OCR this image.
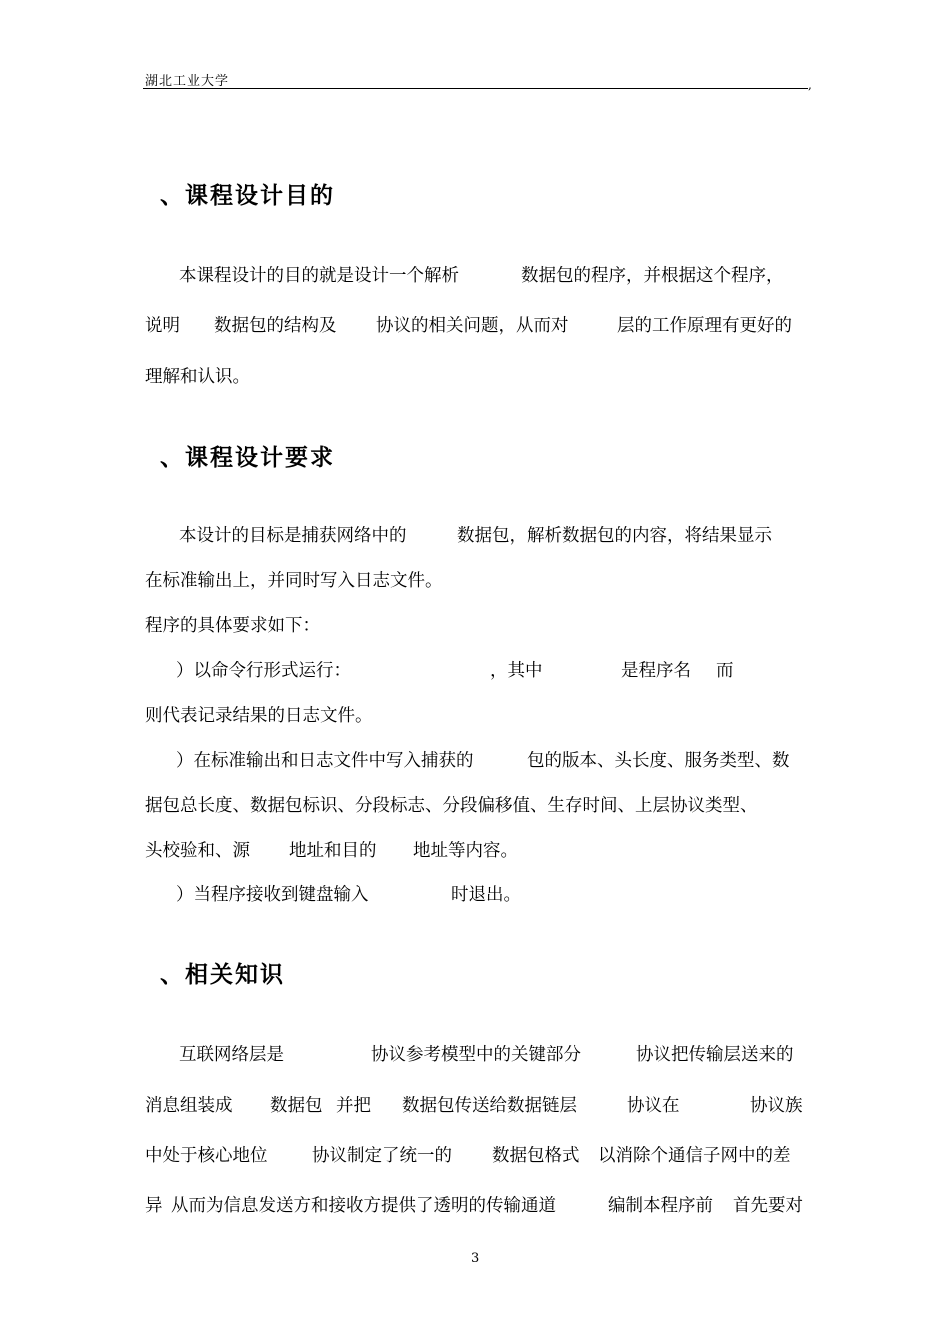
湖北工业大学	,
、课程设计目的
本课程设计的目的就是设计一个解析	数据包的程序，并根据这个程序，
说明 数据包的结构及 协议的相关问题，从而对	层的工作原理有更好的
理解和认识。
、课程设计要求
本设计的目标是捕获网络中的	数据包，解析数据包的内容，将结果显示
在标准输出上，并同时写入日志文件。
程序的具体要求如下：
）以命令行形式运行：	，其中	是程序名 而
则代表记录结果的日志文件。
）在标准输出和日志文件中写入捕获的	包的版本、头长度、服务类型、数
据包总长度、数据包标识、分段标志、分段偏移值、生存时间、上层协议类型、
头校验和、源 地址和目的 地址等内容。
）当程序接收到键盘输入	时退出。
、相关知识
互联网络层是	协议参考模型中的关键部分	协议把传输层送来的
消息组装成 数据包 并把 数据包传送给数据链层	协议在	协议族
中处于核心地位	协议制定了统一的 数据包格式 以消除个通信子网中的差
异 从而为信息发送方和接收方提供了透明的传输通道	编制本程序前 首先要对
3
